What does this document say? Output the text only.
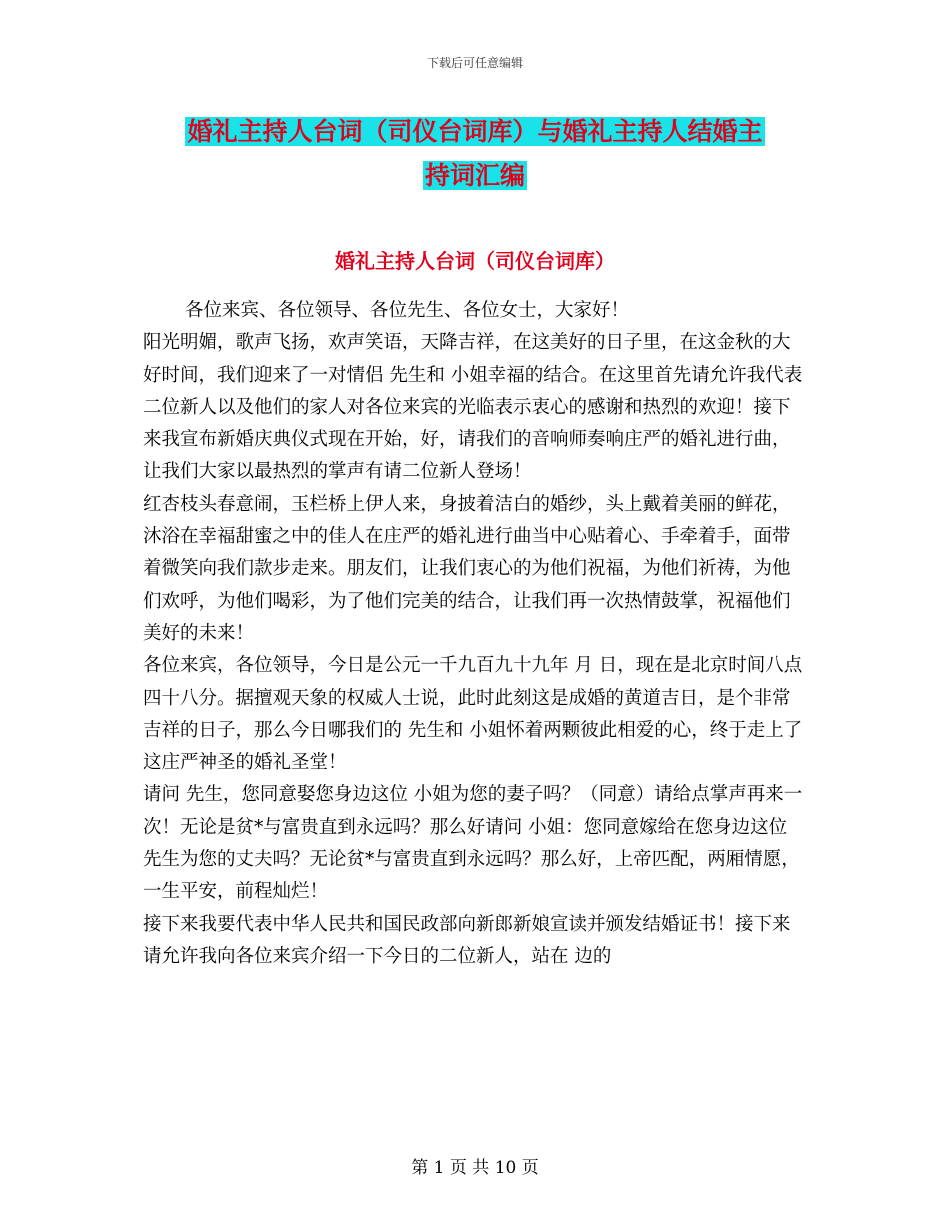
下载后可任意编辑
婚礼主持人台词（司仪台词库）与婚礼主持人结婚主
持词汇编
婚礼主持人台词（司仪台词库）

各位来宾、各位领导、各位先生、各位女士，大家好！

阳光明媚，歌声飞扬，欢声笑语，天降吉祥，在这美好的日子里，在这金秋的大好时间，我们迎来了一对情侣 先生和 小姐幸福的结合。在这里首先请允许我代表二位新人以及他们的家人对各位来宾的光临表示衷心的感谢和热烈的欢迎！接下来我宣布新婚庆典仪式现在开始，好，请我们的音响师奏响庄严的婚礼进行曲，让我们大家以最热烈的掌声有请二位新人登场！

红杏枝头春意闹，玉栏桥上伊人来，身披着洁白的婚纱，头上戴着美丽的鲜花， 沐浴在幸福甜蜜之中的佳人在庄严的婚礼进行曲当中心贴着心、手牵着手，面带着微笑向我们款步走来。朋友们，让我们衷心的为他们祝福，为他们祈祷，为他们欢呼，为他们喝彩，为了他们完美的结合，让我们再一次热情鼓掌，祝福他们美好的未来！

各位来宾，各位领导，今日是公元一千九百九十九年 月 日，现在是北京时间八点四十八分。据擅观天象的权威人士说，此时此刻这是成婚的黄道吉日，是个非常吉祥的日子，那么今日哪我们的 先生和 小姐怀着两颗彼此相爱的心，终于走上了这庄严神圣的婚礼圣堂！

请问 先生，您同意娶您身边这位 小姐为您的妻子吗？（同意）请给点掌声再来一次！无论是贫*与富贵直到永远吗？那么好请问 小姐：您同意嫁给在您身边这位 先生为您的丈夫吗？无论贫*与富贵直到永远吗？那么好，上帝匹配，两厢情愿，一生平安，前程灿烂！

接下来我要代表中华人民共和国民政部向新郎新娘宣读并颁发结婚证书！接下来请允许我向各位来宾介绍一下今日的二位新人，站在 边的

第 1 页 共 10 页
